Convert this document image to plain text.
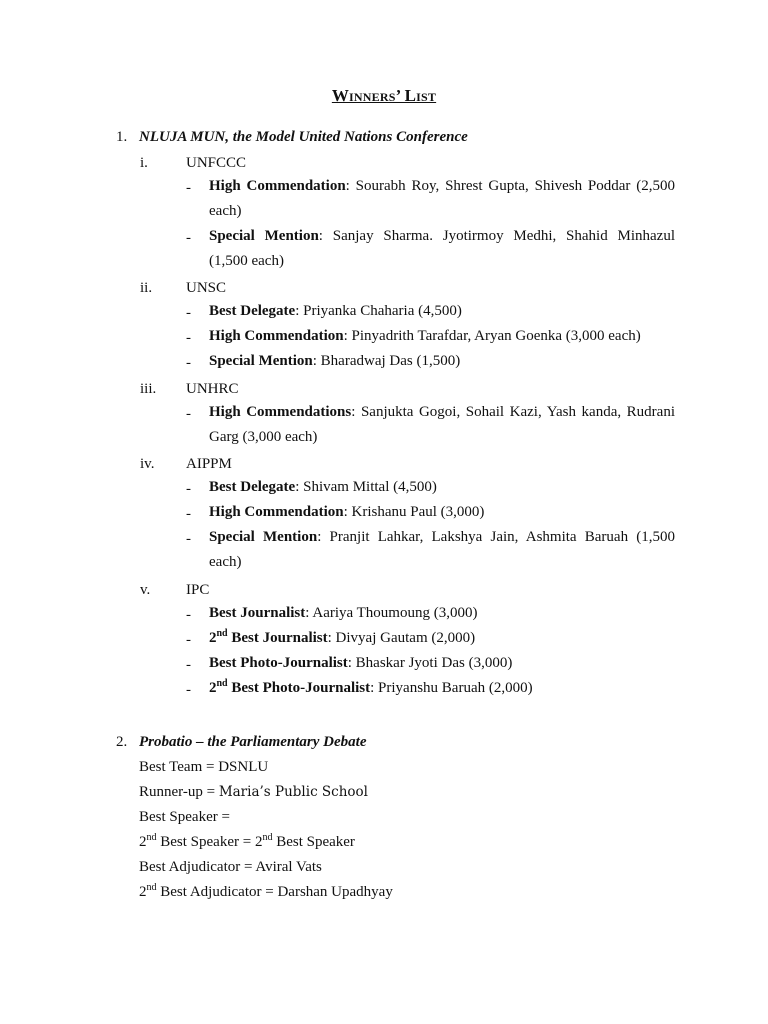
Winners’ List
1. NLUJA MUN, the Model United Nations Conference
i.	UNFCCC
- High Commendation: Sourabh Roy, Shrest Gupta, Shivesh Poddar (2,500 each)
- Special Mention: Sanjay Sharma. Jyotirmoy Medhi, Shahid Minhazul (1,500 each)
ii. UNSC
- Best Delegate: Priyanka Chaharia (4,500)
- High Commendation: Pinyadrith Tarafdar, Aryan Goenka (3,000 each)
- Special Mention: Bharadwaj Das (1,500)
iii. UNHRC
- High Commendations: Sanjukta Gogoi, Sohail Kazi, Yash kanda, Rudrani Garg (3,000 each)
iv. AIPPM
- Best Delegate: Shivam Mittal (4,500)
- High Commendation: Krishanu Paul (3,000)
- Special Mention: Pranjit Lahkar, Lakshya Jain, Ashmita Baruah (1,500 each)
v. IPC
- Best Journalist: Aariya Thoumoung (3,000)
- 2nd Best Journalist: Divyaj Gautam (2,000)
- Best Photo-Journalist: Bhaskar Jyoti Das (3,000)
- 2nd Best Photo-Journalist: Priyanshu Baruah (2,000)
2. Probatio – the Parliamentary Debate
Best Team = DSNLU
Runner-up = Maria’s Public School
Best Speaker =
2nd Best Speaker = 2nd Best Speaker
Best Adjudicator = Aviral Vats
2nd Best Adjudicator = Darshan Upadhyay
